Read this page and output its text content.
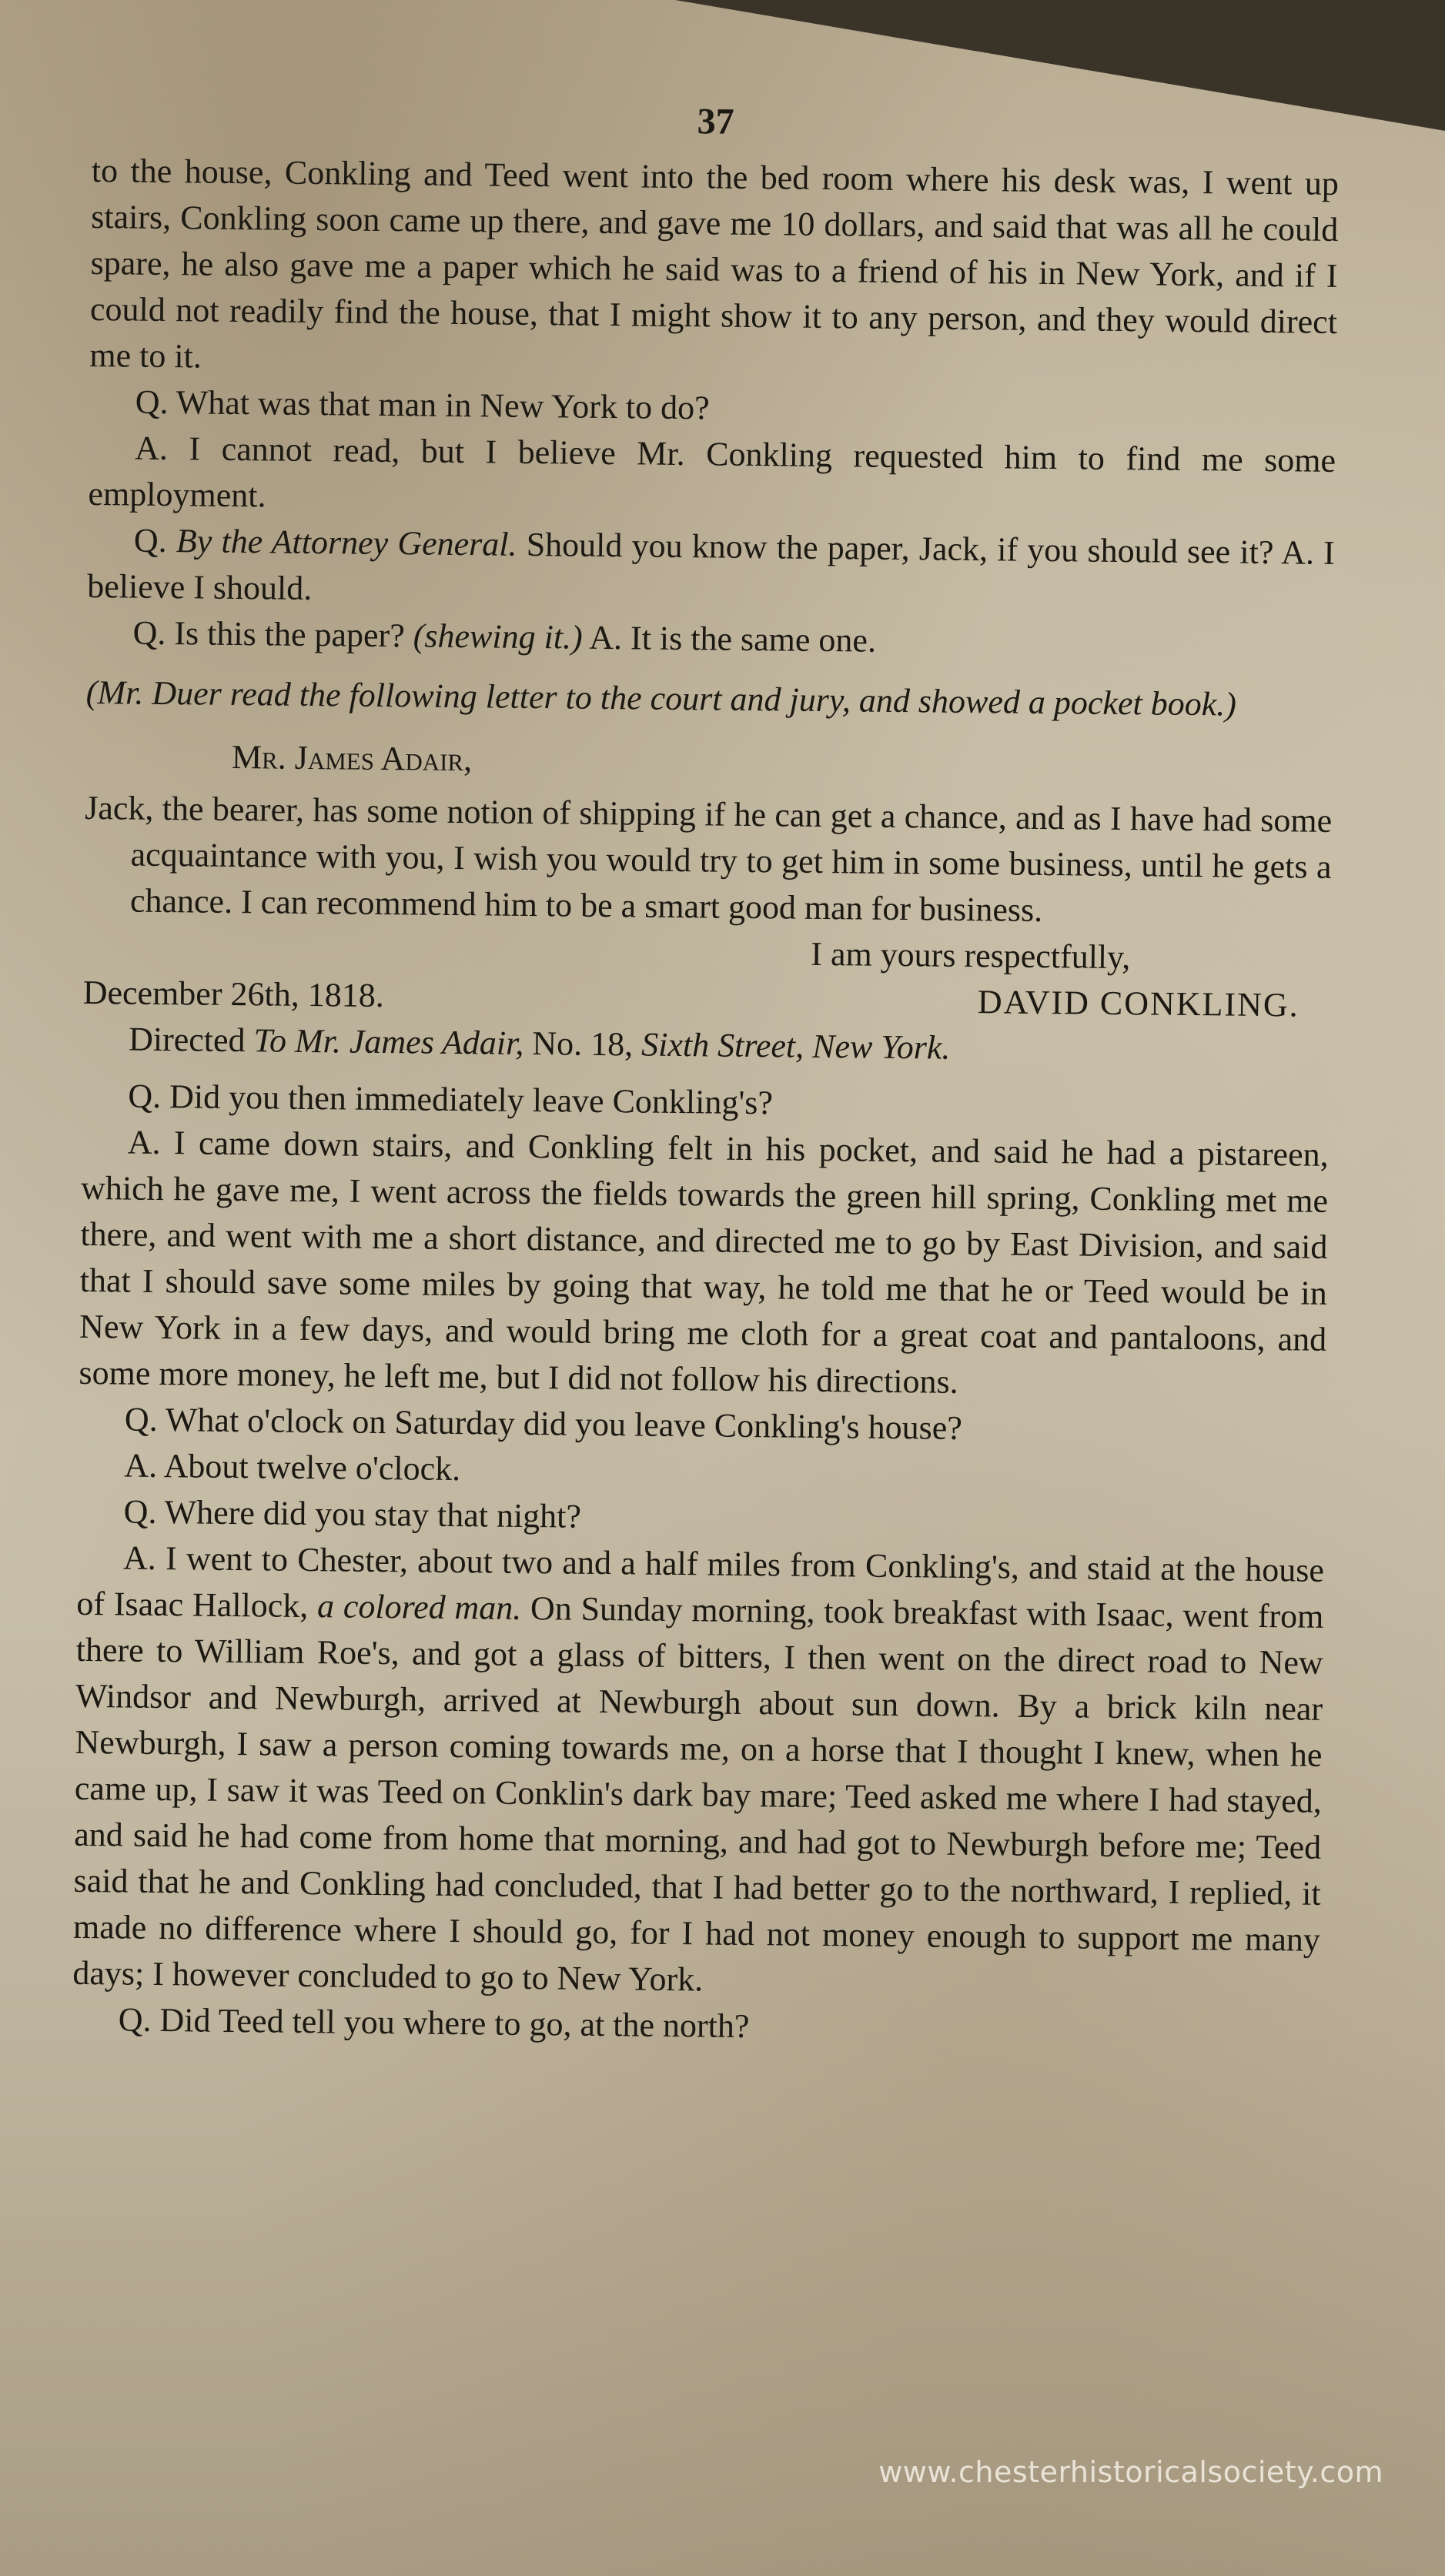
37

to the house, Conkling and Teed went into the bed room where his desk was, I went up stairs, Conkling soon came up there, and gave me 10 dollars, and said that was all he could spare, he also gave me a paper which he said was to a friend of his in New York, and if I could not readily find the house, that I might show it to any person, and they would direct me to it.

Q. What was that man in New York to do?

A. I cannot read, but I believe Mr. Conkling requested him to find me some employment.

Q. By the Attorney General. Should you know the paper, Jack, if you should see it? A. I believe I should.

Q. Is this the paper? (shewing it.) A. It is the same one.

(Mr. Duer read the following letter to the court and jury, and showed a pocket book.)

Mr. James Adair,

Jack, the bearer, has some notion of shipping if he can get a chance, and as I have had some acquaintance with you, I wish you would try to get him in some business, until he gets a chance. I can recommend him to be a smart good man for business.

I am yours respectfully,

December 26th, 1818.	DAVID CONKLING.

Directed To Mr. James Adair, No. 18, Sixth Street, New York.

Q. Did you then immediately leave Conkling's?

A. I came down stairs, and Conkling felt in his pocket, and said he had a pistareen, which he gave me, I went across the fields towards the green hill spring, Conkling met me there, and went with me a short distance, and directed me to go by East Division, and said that I should save some miles by going that way, he told me that he or Teed would be in New York in a few days, and would bring me cloth for a great coat and pantaloons, and some more money, he left me, but I did not follow his directions.

Q. What o'clock on Saturday did you leave Conkling's house?

A. About twelve o'clock.

Q. Where did you stay that night?

A. I went to Chester, about two and a half miles from Conkling's, and staid at the house of Isaac Hallock, a colored man. On Sunday morning, took breakfast with Isaac, went from there to William Roe's, and got a glass of bitters, I then went on the direct road to New Windsor and Newburgh, arrived at Newburgh about sun down. By a brick kiln near Newburgh, I saw a person coming towards me, on a horse that I thought I knew, when he came up, I saw it was Teed on Conklin's dark bay mare; Teed asked me where I had stayed, and said he had come from home that morning, and had got to Newburgh before me; Teed said that he and Conkling had concluded, that I had better go to the northward, I replied, it made no difference where I should go, for I had not money enough to support me many days; I however concluded to go to New York.

Q. Did Teed tell you where to go, at the north?

www.chesterhistoricalsociety.com
